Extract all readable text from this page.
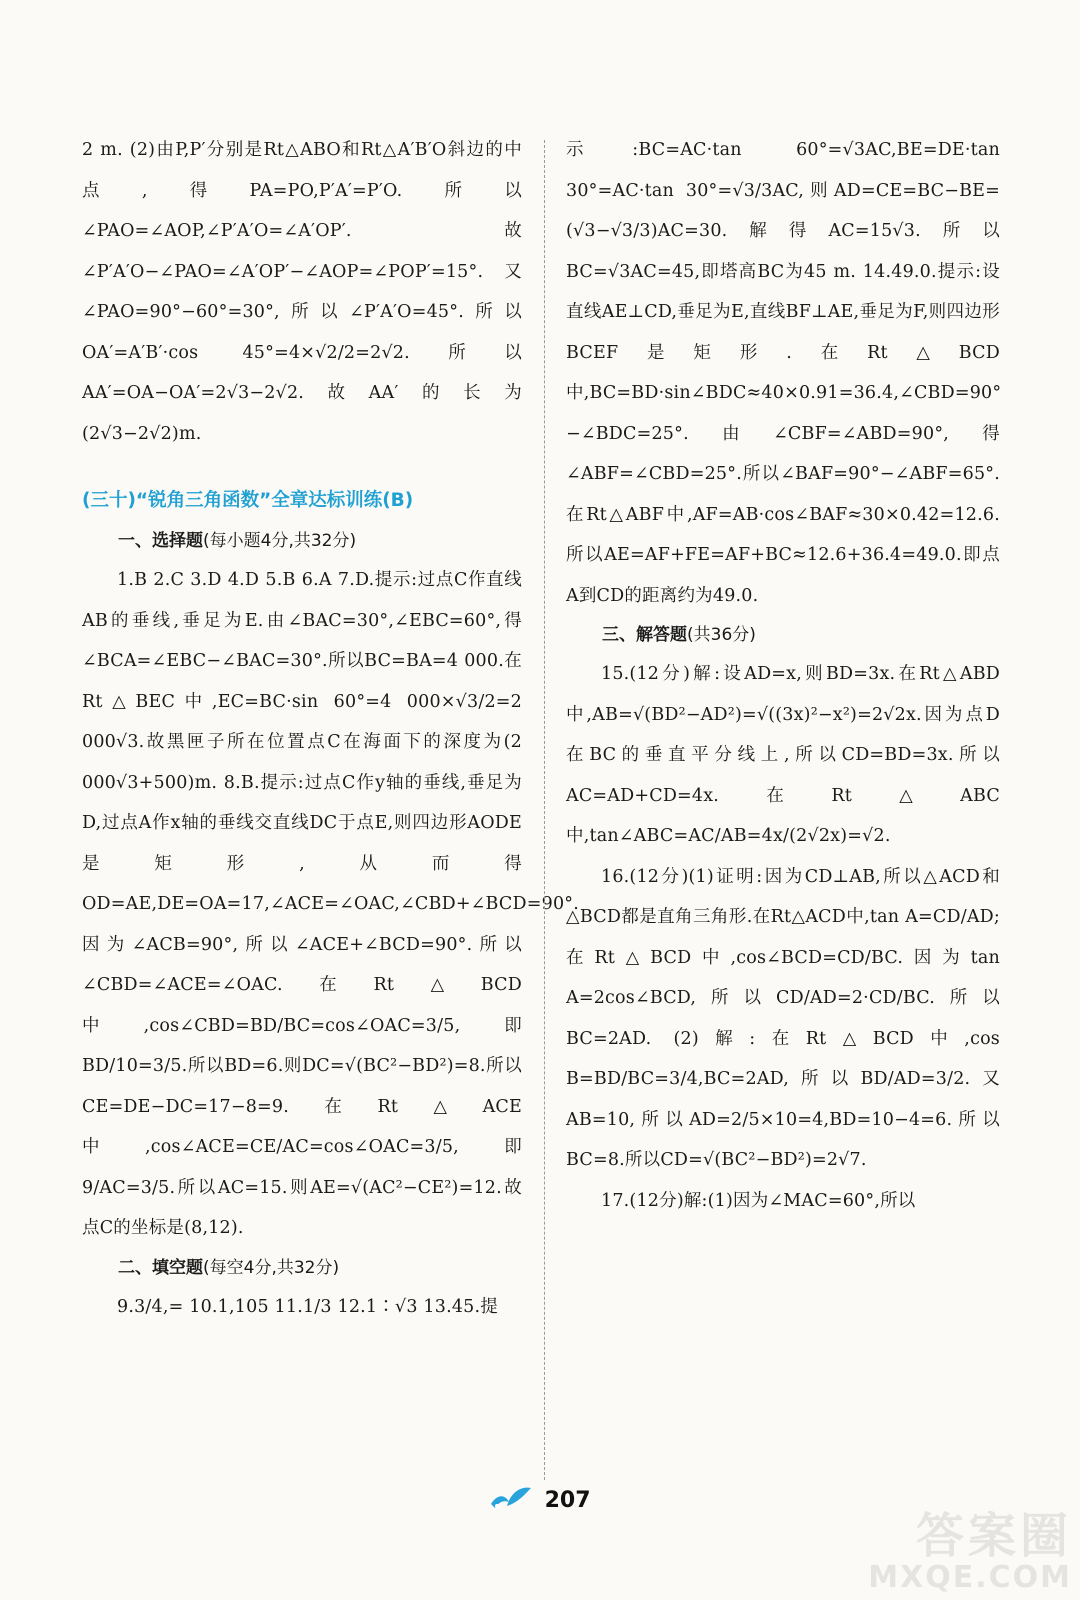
2 m. (2)由P,P′分别是Rt△ABO和Rt△A′B′O斜边的中点,得PA=PO,P′A′=P′O.所以∠PAO=∠AOP,∠P′A′O=∠A′OP′.故∠P′A′O−∠PAO=∠A′OP′−∠AOP=∠POP′=15°.又∠PAO=90°−60°=30°,所以∠P′A′O=45°.所以OA′=A′B′·cos 45°=4×√2/2=2√2.所以AA′=OA−OA′=2√3−2√2.故AA′的长为(2√3−2√2)m.

(三十)“锐角三角函数”全章达标训练(B)
一、选择题(每小题4分,共32分)

1.B 2.C 3.D 4.D 5.B 6.A 7.D.提示:过点C作直线AB的垂线,垂足为E.由∠BAC=30°,∠EBC=60°,得∠BCA=∠EBC−∠BAC=30°.所以BC=BA=4 000.在Rt△BEC中,EC=BC·sin 60°=4 000×√3/2=2 000√3.故黑匣子所在位置点C在海面下的深度为(2 000√3+500)m. 8.B.提示:过点C作y轴的垂线,垂足为D,过点A作x轴的垂线交直线DC于点E,则四边形AODE是矩形,从而得OD=AE,DE=OA=17,∠ACE=∠OAC,∠CBD+∠BCD=90°.因为∠ACB=90°,所以∠ACE+∠BCD=90°.所以∠CBD=∠ACE=∠OAC.在Rt△BCD中,cos∠CBD=BD/BC=cos∠OAC=3/5,即BD/10=3/5.所以BD=6.则DC=√(BC²−BD²)=8.所以CE=DE−DC=17−8=9.在Rt△ACE中,cos∠ACE=CE/AC=cos∠OAC=3/5,即9/AC=3/5.所以AC=15.则AE=√(AC²−CE²)=12.故点C的坐标是(8,12).

二、填空题(每空4分,共32分)

9.3/4,= 10.1,105 11.1/3 12.1∶√3 13.45.提

示:BC=AC·tan 60°=√3AC,BE=DE·tan 30°=AC·tan 30°=√3/3AC,则AD=CE=BC−BE=(√3−√3/3)AC=30.解得AC=15√3.所以BC=√3AC=45,即塔高BC为45 m. 14.49.0.提示:设直线AE⊥CD,垂足为E,直线BF⊥AE,垂足为F,则四边形BCEF是矩形.在Rt△BCD中,BC=BD·sin∠BDC≈40×0.91=36.4,∠CBD=90°−∠BDC=25°.由∠CBF=∠ABD=90°,得∠ABF=∠CBD=25°.所以∠BAF=90°−∠ABF=65°.在Rt△ABF中,AF=AB·cos∠BAF≈30×0.42=12.6.所以AE=AF+FE=AF+BC≈12.6+36.4=49.0.即点A到CD的距离约为49.0.

三、解答题(共36分)

15.(12分)解:设AD=x,则BD=3x.在Rt△ABD中,AB=√(BD²−AD²)=√((3x)²−x²)=2√2x.因为点D在BC的垂直平分线上,所以CD=BD=3x.所以AC=AD+CD=4x.在Rt△ABC中,tan∠ABC=AC/AB=4x/(2√2x)=√2.

16.(12分)(1)证明:因为CD⊥AB,所以△ACD和△BCD都是直角三角形.在Rt△ACD中,tan A=CD/AD;在Rt△BCD中,cos∠BCD=CD/BC.因为tan A=2cos∠BCD,所以CD/AD=2·CD/BC.所以BC=2AD. (2)解:在Rt△BCD中,cos B=BD/BC=3/4,BC=2AD,所以BD/AD=3/2.又AB=10,所以AD=2/5×10=4,BD=10−4=6.所以BC=8.所以CD=√(BC²−BD²)=2√7.

17.(12分)解:(1)因为∠MAC=60°,所以

207
答案圈
MXQE.COM
